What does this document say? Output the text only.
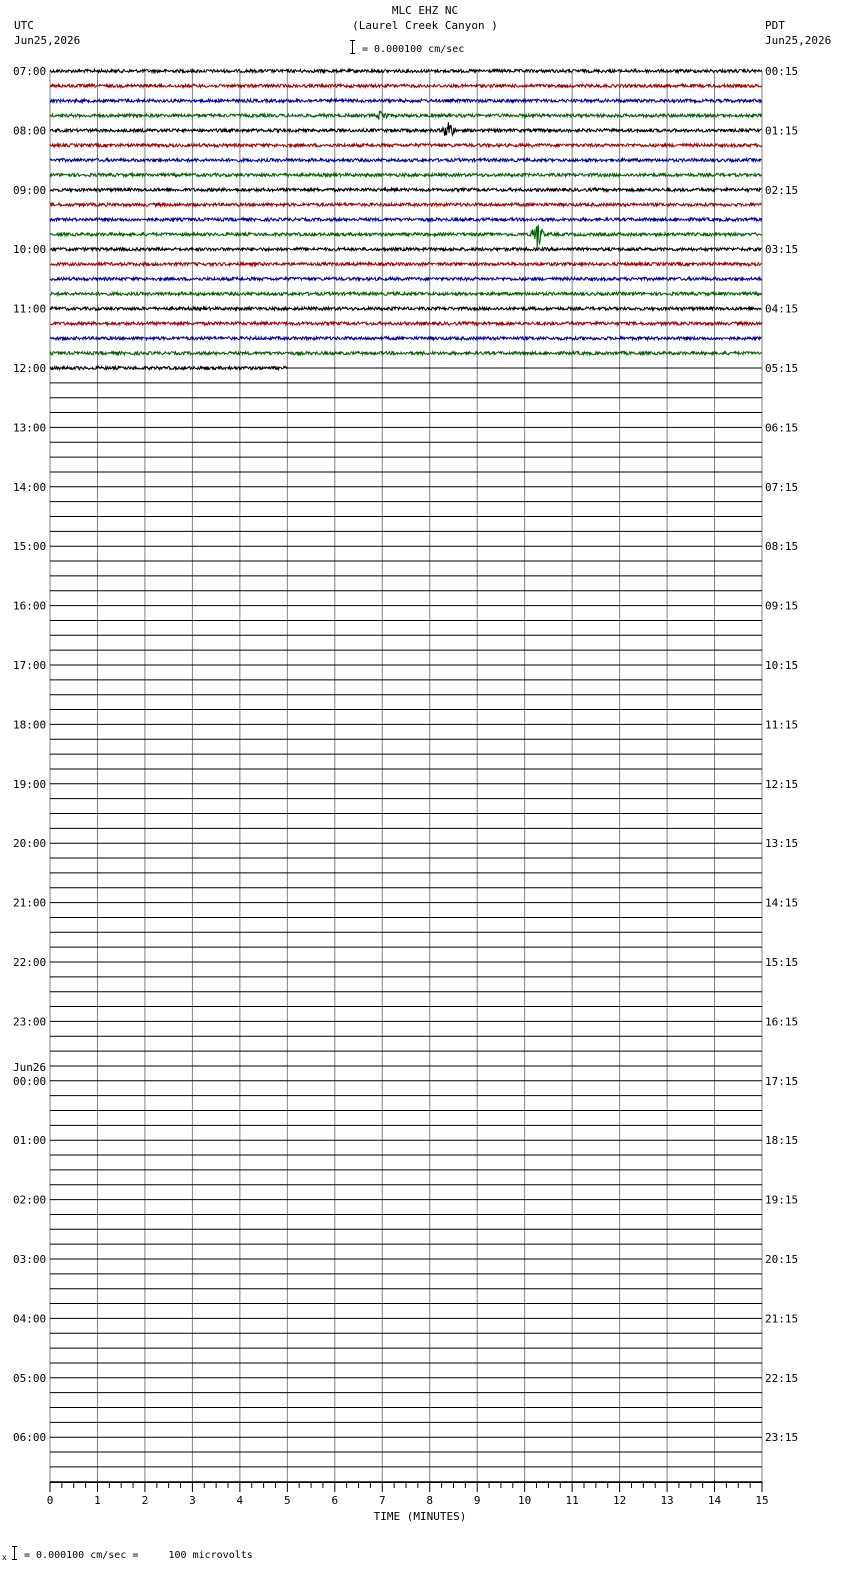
MLC EHZ NC
(Laurel Creek Canyon )
= 0.000100 cm/sec
UTC
Jun25,2026
PDT
Jun25,2026
0	1	2	3	4	5	6	7	8	9	10	11	12	13	14	15
07:00
08:00
09:00
10:00
11:00
12:00
13:00
14:00
15:00
16:00
17:00
18:00
19:00
20:00
21:00
22:00
23:00
00:00
01:00
02:00
03:00
04:00
05:00
06:00
00:15
01:15
02:15
03:15
04:15
05:15
06:15
07:15
08:15
09:15
10:15
11:15
12:15
13:15
14:15
15:15
16:15
17:15
18:15
19:15
20:15
21:15
22:15
23:15
Jun26
TIME (MINUTES)
x = 0.000100 cm/sec =     100 microvolts
